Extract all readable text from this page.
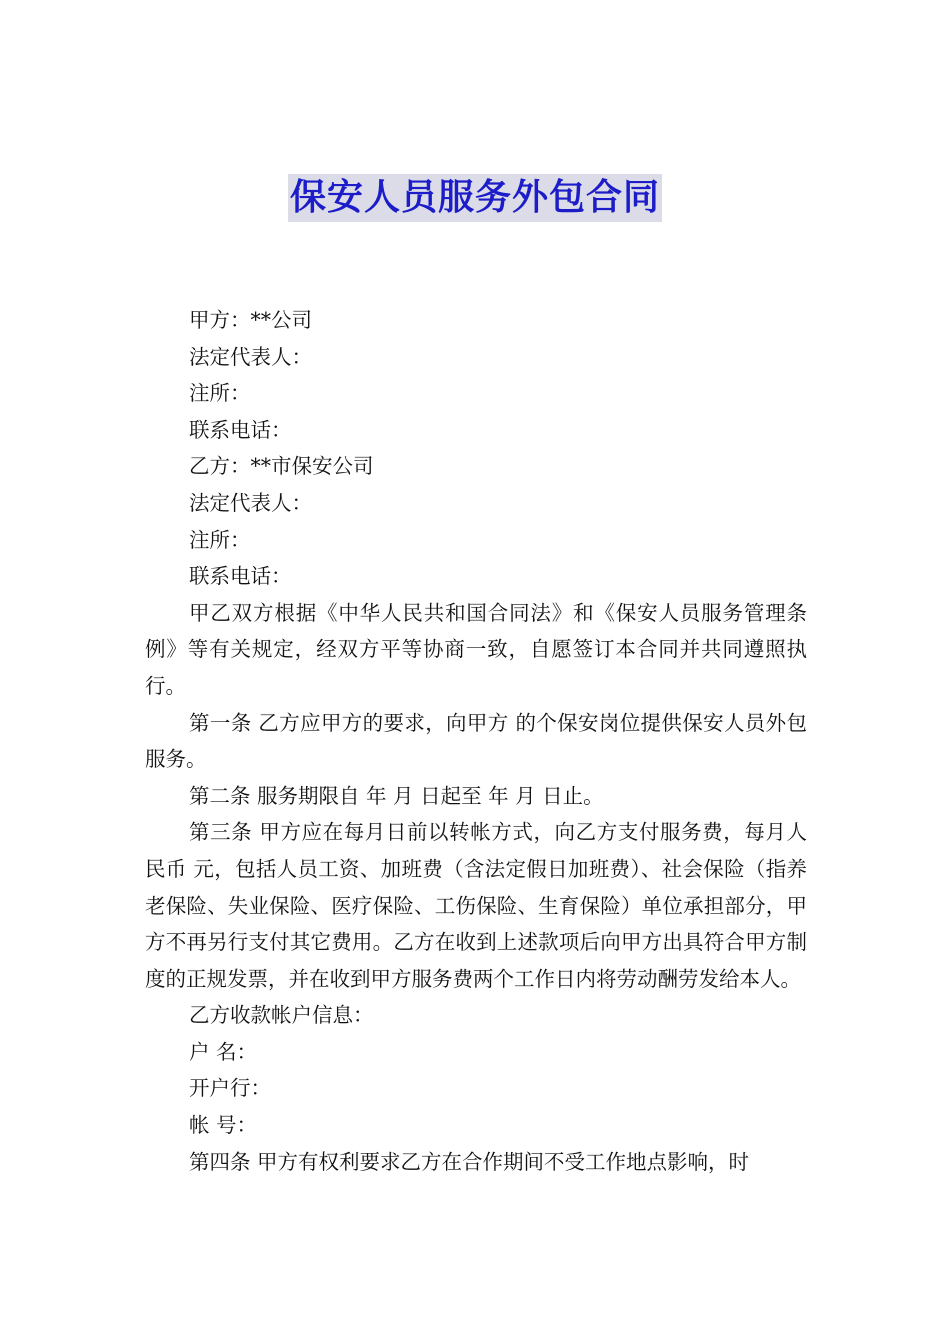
保安人员服务外包合同

甲方：**公司

法定代表人：

注所：

联系电话：

乙方：**市保安公司

法定代表人：

注所：

联系电话：

甲乙双方根据《中华人民共和国合同法》和《保安人员服务管理条例》等有关规定，经双方平等协商一致，自愿签订本合同并共同遵照执行。

第一条 乙方应甲方的要求，向甲方 的个保安岗位提供保安人员外包服务。

第二条 服务期限自 年 月 日起至 年 月 日止。

第三条 甲方应在每月日前以转帐方式，向乙方支付服务费，每月人民币 元，包括人员工资、加班费（含法定假日加班费）、社会保险（指养老保险、失业保险、医疗保险、工伤保险、生育保险）单位承担部分，甲方不再另行支付其它费用。乙方在收到上述款项后向甲方出具符合甲方制度的正规发票，并在收到甲方服务费两个工作日内将劳动酬劳发给本人。

乙方收款帐户信息：

户 名：

开户行：

帐 号：

第四条 甲方有权利要求乙方在合作期间不受工作地点影响，时
